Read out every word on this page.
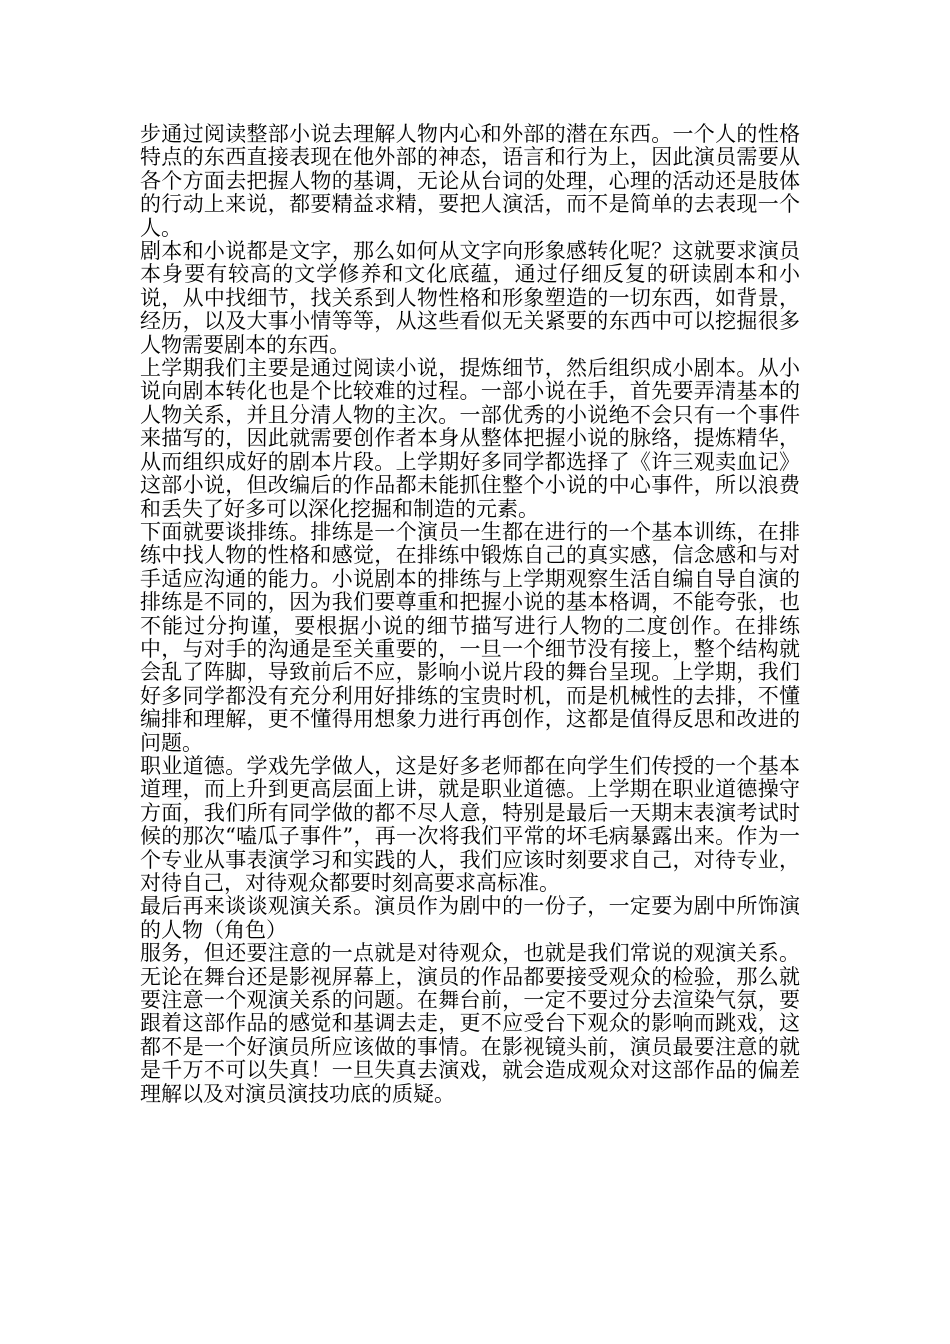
步通过阅读整部小说去理解人物内心和外部的潜在东西。一个人的性格特点的东西直接表现在他外部的神态，语言和行为上，因此演员需要从各个方面去把握人物的基调，无论从台词的处理，心理的活动还是肢体的行动上来说，都要精益求精，要把人演活，而不是简单的去表现一个人。

剧本和小说都是文字，那么如何从文字向形象感转化呢？这就要求演员本身要有较高的文学修养和文化底蕴，通过仔细反复的研读剧本和小说，从中找细节，找关系到人物性格和形象塑造的一切东西，如背景，经历，以及大事小情等等，从这些看似无关紧要的东西中可以挖掘很多人物需要剧本的东西。

上学期我们主要是通过阅读小说，提炼细节，然后组织成小剧本。从小说向剧本转化也是个比较难的过程。一部小说在手，首先要弄清基本的人物关系，并且分清人物的主次。一部优秀的小说绝不会只有一个事件来描写的，因此就需要创作者本身从整体把握小说的脉络，提炼精华，从而组织成好的剧本片段。上学期好多同学都选择了《许三观卖血记》这部小说，但改编后的作品都未能抓住整个小说的中心事件，所以浪费和丢失了好多可以深化挖掘和制造的元素。

下面就要谈排练。排练是一个演员一生都在进行的一个基本训练，在排练中找人物的性格和感觉，在排练中锻炼自己的真实感，信念感和与对手适应沟通的能力。小说剧本的排练与上学期观察生活自编自导自演的排练是不同的，因为我们要尊重和把握小说的基本格调，不能夸张，也不能过分拘谨，要根据小说的细节描写进行人物的二度创作。在排练中，与对手的沟通是至关重要的，一旦一个细节没有接上，整个结构就会乱了阵脚，导致前后不应，影响小说片段的舞台呈现。上学期，我们好多同学都没有充分利用好排练的宝贵时机，而是机械性的去排，不懂编排和理解，更不懂得用想象力进行再创作，这都是值得反思和改进的问题。

职业道德。学戏先学做人，这是好多老师都在向学生们传授的一个基本道理，而上升到更高层面上讲，就是职业道德。上学期在职业道德操守方面，我们所有同学做的都不尽人意，特别是最后一天期末表演考试时候的那次“嗑瓜子事件”，再一次将我们平常的坏毛病暴露出来。作为一个专业从事表演学习和实践的人，我们应该时刻要求自己，对待专业，对待自己，对待观众都要时刻高要求高标准。

最后再来谈谈观演关系。演员作为剧中的一份子，一定要为剧中所饰演的人物（角色）

服务，但还要注意的一点就是对待观众，也就是我们常说的观演关系。无论在舞台还是影视屏幕上，演员的作品都要接受观众的检验，那么就要注意一个观演关系的问题。在舞台前，一定不要过分去渲染气氛，要跟着这部作品的感觉和基调去走，更不应受台下观众的影响而跳戏，这都不是一个好演员所应该做的事情。在影视镜头前，演员最要注意的就是千万不可以失真！一旦失真去演戏，就会造成观众对这部作品的偏差理解以及对演员演技功底的质疑。
